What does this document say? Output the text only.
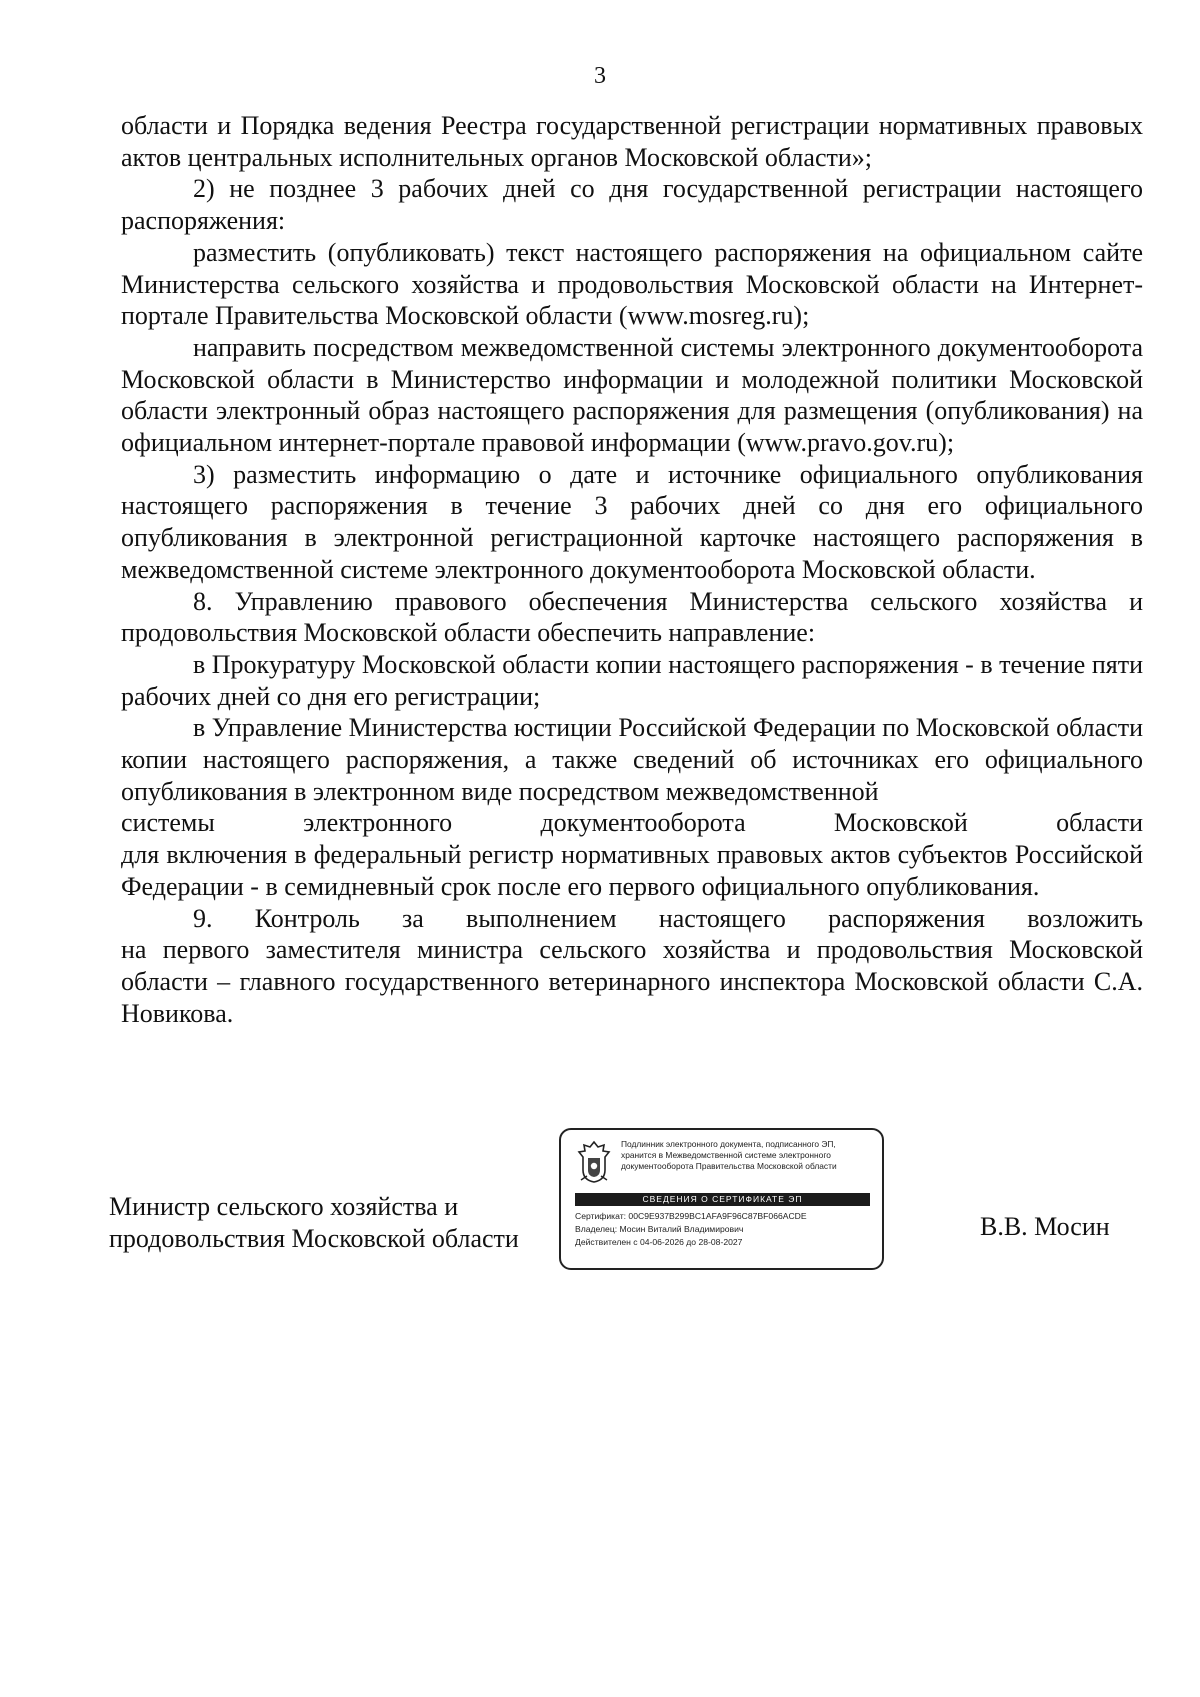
3

области и Порядка ведения Реестра государственной регистрации нормативных правовых актов центральных исполнительных органов Московской области»;

2) не позднее 3 рабочих дней со дня государственной регистрации настоящего распоряжения:

разместить (опубликовать) текст настоящего распоряжения на официальном сайте Министерства сельского хозяйства и продовольствия Московской области на Интернет-портале Правительства Московской области (www.mosreg.ru);

направить посредством межведомственной системы электронного документооборота Московской области в Министерство информации и молодежной политики Московской области электронный образ настоящего распоряжения для размещения (опубликования) на официальном интернет-портале правовой информации (www.pravo.gov.ru);

3) разместить информацию о дате и источнике официального опубликования настоящего распоряжения в течение 3 рабочих дней со дня его официального опубликования в электронной регистрационной карточке настоящего распоряжения в межведомственной системе электронного документооборота Московской области.

8. Управлению правового обеспечения Министерства сельского хозяйства и продовольствия Московской области обеспечить направление:

в Прокуратуру Московской области копии настоящего распоряжения - в течение пяти рабочих дней со дня его регистрации;

в Управление Министерства юстиции Российской Федерации по Московской области копии настоящего распоряжения, а также сведений об источниках его официального опубликования в электронном виде посредством межведомственной

системы электронного документооборота Московской области

для включения в федеральный регистр нормативных правовых актов субъектов Российской Федерации - в семидневный срок после его первого официального опубликования.

9. Контроль за выполнением настоящего распоряжения возложить

на первого заместителя министра сельского хозяйства и продовольствия Московской области – главного государственного ветеринарного инспектора Московской области С.А. Новикова.

Министр сельского хозяйства и
продовольствия Московской области
Подлинник электронного документа, подписанного ЭП,
хранится в Межведомственной системе электронного
документооборота Правительства Московской области
СВЕДЕНИЯ О СЕРТИФИКАТЕ ЭП
Сертификат: 00C9E937B299BC1AFA9F96C87BF066ACDE
Владелец: Мосин Виталий Владимирович
Действителен с 04-06-2026 до 28-08-2027
В.В. Мосин
